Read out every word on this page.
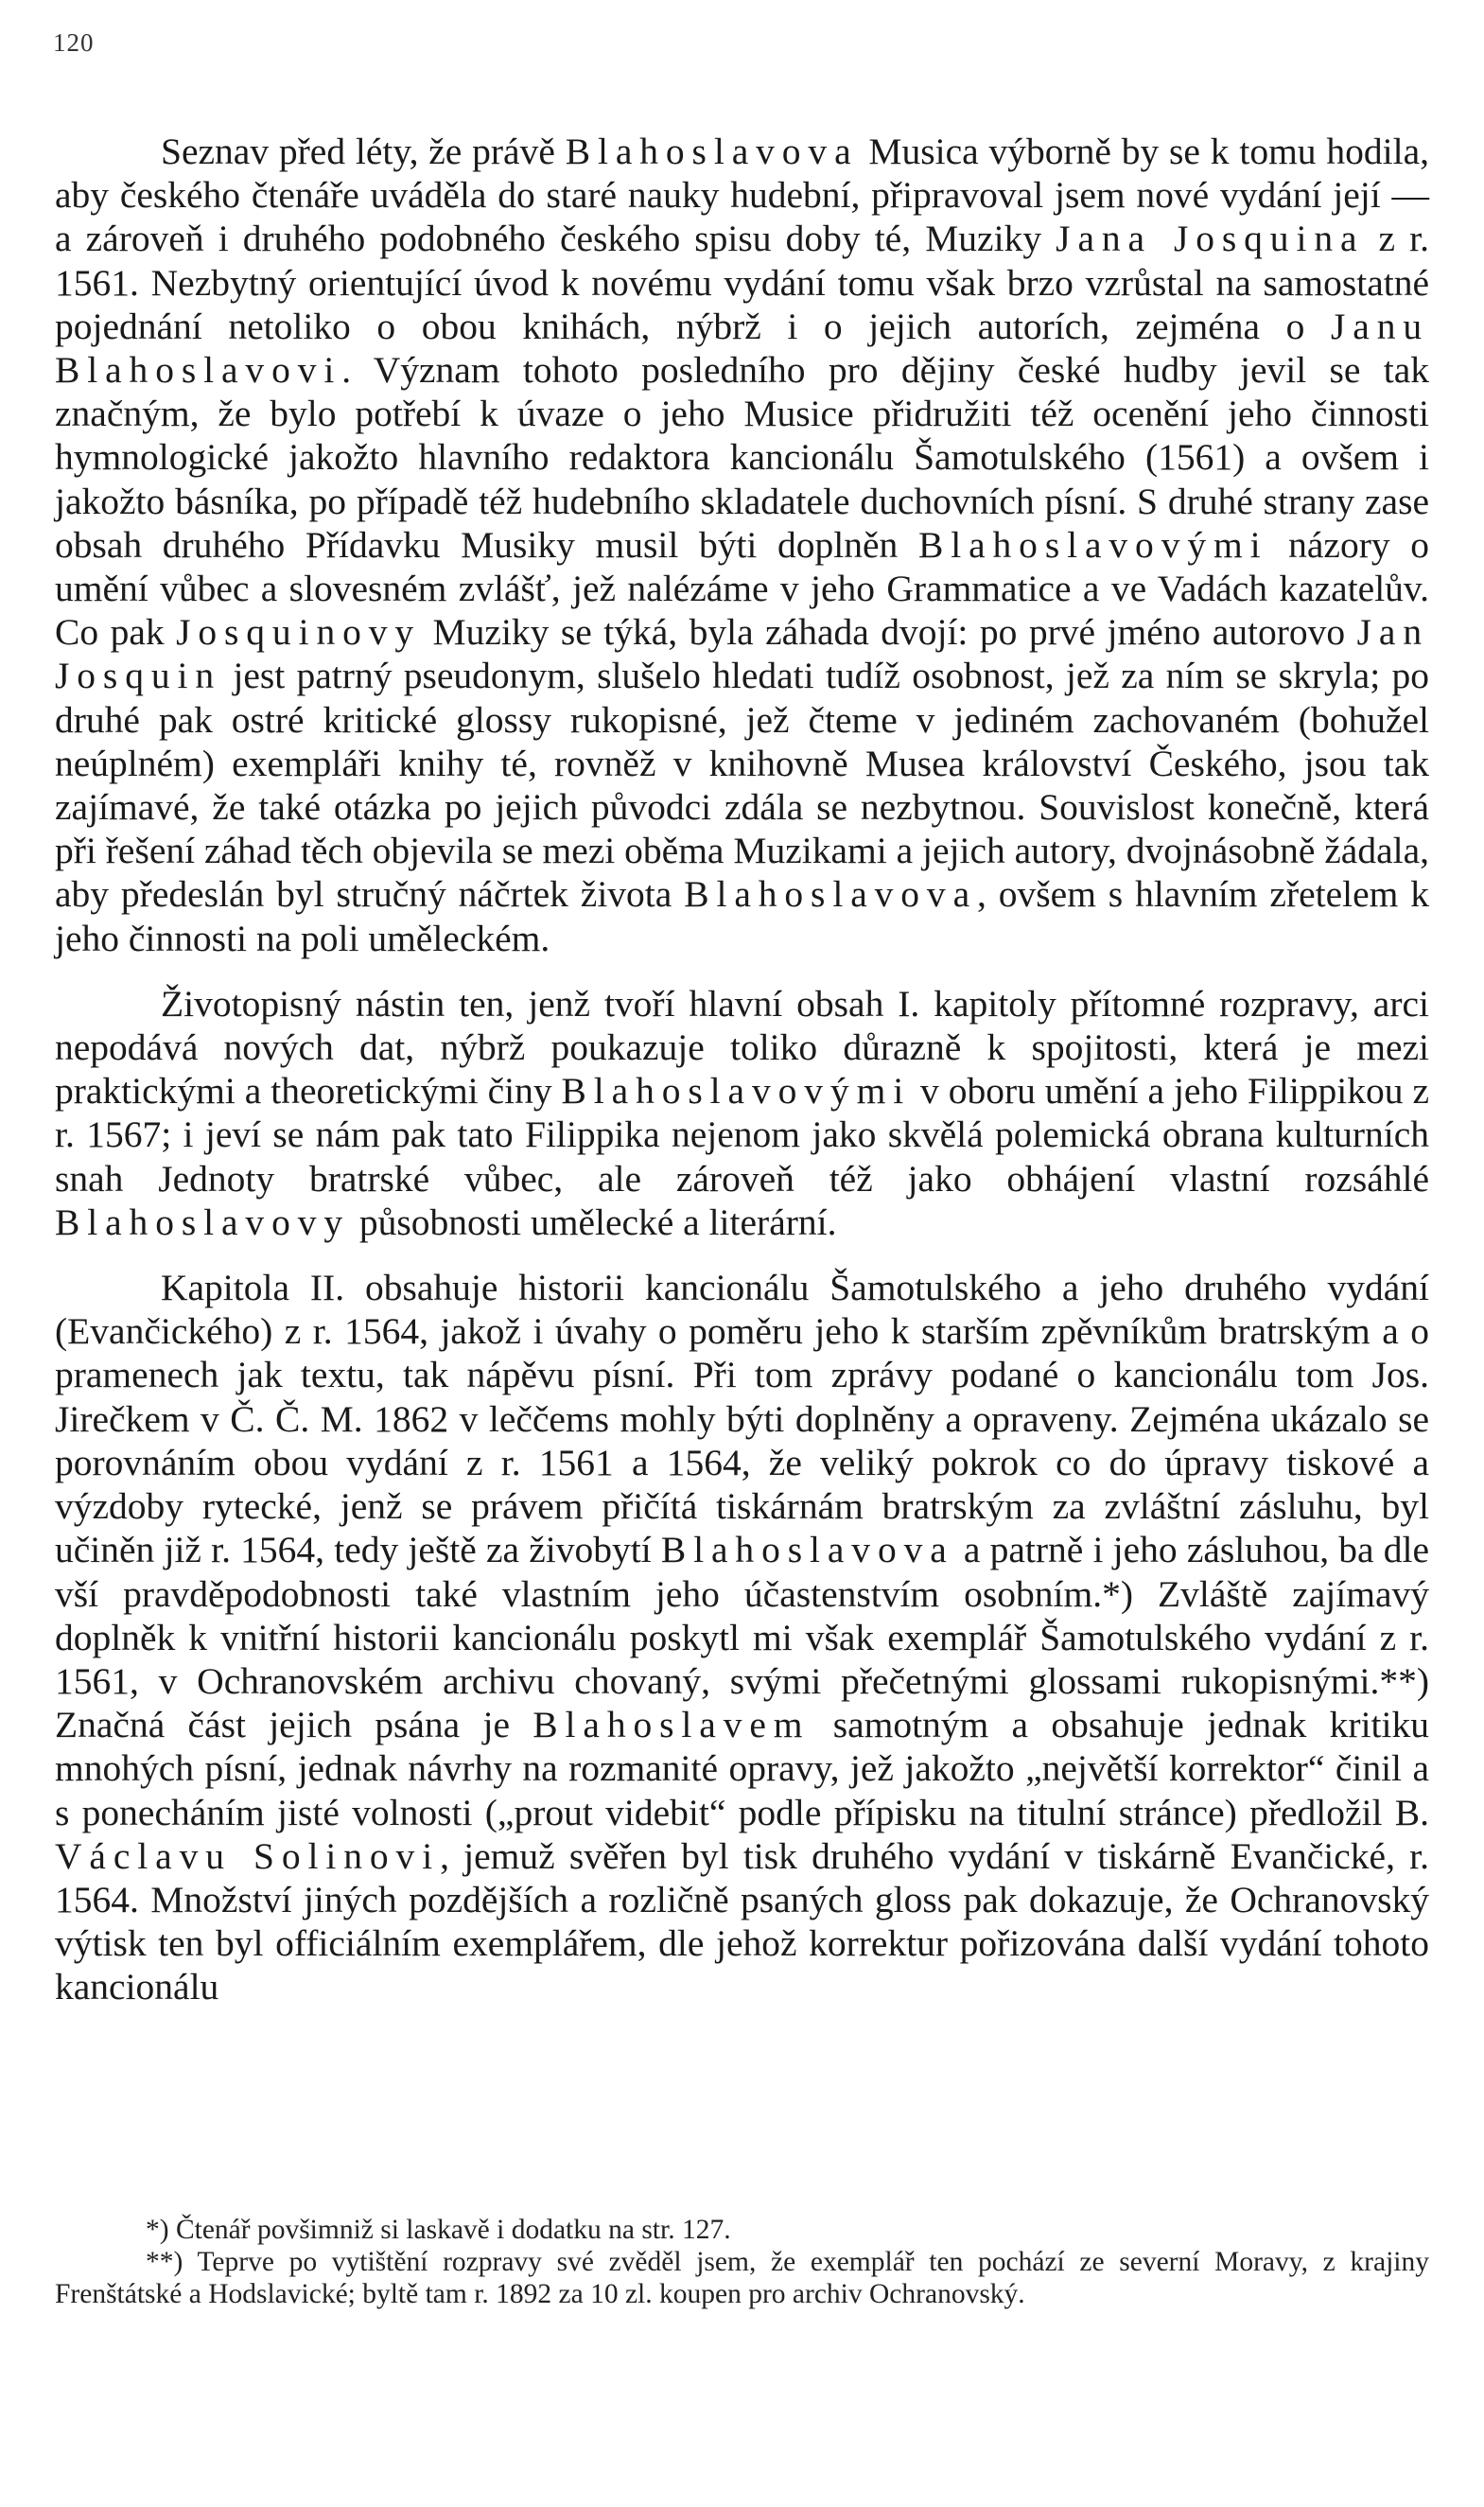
120

Seznav před léty, že právě Blahoslavova Musica výborně by se k tomu hodila, aby českého čtenáře uváděla do staré nauky hudební, připravoval jsem nové vydání její — a zároveň i druhého podobného českého spisu doby té, Muziky Jana Josquina z r. 1561. Nezbytný orientující úvod k novému vydání tomu však brzo vzrůstal na samostatné pojednání netoliko o obou knihách, nýbrž i o jejich autorích, zejména o Janu Blahoslavovi. Význam tohoto posledního pro dějiny české hudby jevil se tak značným, že bylo potřebí k úvaze o jeho Musice přidružiti též ocenění jeho činnosti hymnologické jakožto hlavního redaktora kancionálu Šamotulského (1561) a ovšem i jakožto básníka, po případě též hudebního skladatele duchovních písní. S druhé strany zase obsah druhého Přídavku Musiky musil býti doplněn Blahoslavovými názory o umění vůbec a slovesném zvlášť, jež nalézáme v jeho Grammatice a ve Vadách kazatelův. Co pak Josquinovy Muziky se týká, byla záhada dvojí: po prvé jméno autorovo Jan Josquin jest patrný pseudonym, slušelo hledati tudíž osobnost, jež za ním se skryla; po druhé pak ostré kritické glossy rukopisné, jež čteme v jediném zachovaném (bohužel neúplném) exempláři knihy té, rovněž v knihovně Musea království Českého, jsou tak zajímavé, že také otázka po jejich původci zdála se nezbytnou. Souvislost konečně, která při řešení záhad těch objevila se mezi oběma Muzikami a jejich autory, dvojnásobně žádala, aby předeslán byl stručný náčrtek života Blahoslavova, ovšem s hlavním zřetelem k jeho činnosti na poli uměleckém.

Životopisný nástin ten, jenž tvoří hlavní obsah I. kapitoly přítomné rozpravy, arci nepodává nových dat, nýbrž poukazuje toliko důrazně k spojitosti, která je mezi praktickými a theoretickými činy Blahoslavovými v oboru umění a jeho Filippikou z r. 1567; i jeví se nám pak tato Filippika nejenom jako skvělá polemická obrana kulturních snah Jednoty bratrské vůbec, ale zároveň též jako obhájení vlastní rozsáhlé Blahoslavovy působnosti umělecké a literární.

Kapitola II. obsahuje historii kancionálu Šamotulského a jeho druhého vydání (Evančického) z r. 1564, jakož i úvahy o poměru jeho k starším zpěvníkům bratrským a o pramenech jak textu, tak nápěvu písní. Při tom zprávy podané o kancionálu tom Jos. Jirečkem v Č. Č. M. 1862 v leččems mohly býti doplněny a opraveny. Zejména ukázalo se porovnáním obou vydání z r. 1561 a 1564, že veliký pokrok co do úpravy tiskové a výzdoby rytecké, jenž se právem přičítá tiskárnám bratrským za zvláštní zásluhu, byl učiněn již r. 1564, tedy ještě za živobytí Blahoslavova a patrně i jeho zásluhou, ba dle vší pravděpodobnosti také vlastním jeho účastenstvím osobním.*) Zvláště zajímavý doplněk k vnitřní historii kancionálu poskytl mi však exemplář Šamotulského vydání z r. 1561, v Ochranovském archivu chovaný, svými přečetnými glossami rukopisnými.**) Značná část jejich psána je Blahoslavem samotným a obsahuje jednak kritiku mnohých písní, jednak návrhy na rozmanité opravy, jež jakožto „největší korrektor“ činil a s ponecháním jisté volnosti („prout videbit“ podle přípisku na titulní stránce) předložil B. Václavu Solinovi, jemuž svěřen byl tisk druhého vydání v tiskárně Evančické, r. 1564. Množství jiných pozdějších a rozličně psaných gloss pak dokazuje, že Ochranovský výtisk ten byl officiálním exemplářem, dle jehož korrektur pořizována další vydání tohoto kancionálu

*) Čtenář povšimniž si laskavě i dodatku na str. 127.

**) Teprve po vytištění rozpravy své zvěděl jsem, že exemplář ten pochází ze severní Moravy, z krajiny Frenštátské a Hodslavické; byltě tam r. 1892 za 10 zl. koupen pro archiv Ochranovský.
